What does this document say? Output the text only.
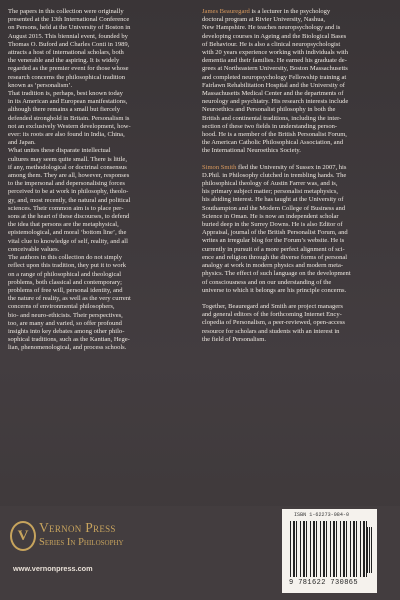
The papers in this collection were originally
presented at the 13th International Conference
on Persons, held at the University of Boston in
August 2015. This biennial event, founded by
Thomas O. Buford and Charles Conti in 1989,
attracts a host of international scholars, both
the venerable and the aspiring. It is widely
regarded as the premier event for those whose
research concerns the philosophical tradition
known as ‘personalism’.

That tradition is, perhaps, best known today
in its American and European manifestations,
although there remains a small but fiercely
defended stronghold in Britain. Personalism is
not an exclusively Western development, how-
ever: its roots are also found in India, China,
and Japan.

What unites these disparate intellectual
cultures may seem quite small. There is little,
if any, methodological or doctrinal consensus
among them. They are all, however, responses
to the impersonal and depersonalising forces
perceived to be at work in philosophy, theolo-
gy, and, most recently, the natural and political
sciences. Their common aim is to place per-
sons at the heart of these discourses, to defend
the idea that persons are the metaphysical,
epistemological, and moral ‘bottom line’, the
vital clue to knowledge of self, reality, and all
conceivable values.

The authors in this collection do not simply
reflect upon this tradition, they put it to work
on a range of philosophical and theological
problems, both classical and contemporary;
problems of free will, personal identity, and
the nature of reality, as well as the very current
concerns of environmental philosophers,
bio- and neuro-ethicists. Their perspectives,
too, are many and varied, so offer profound
insights into key debates among other philo-
sophical traditions, such as the Kantian, Hege-
lian, phenomenological, and process schools.

James Beauregard is a lecturer in the psychology
doctoral program at Rivier University, Nashua,
New Hampshire. He teaches neuropsychology and is
developing courses in Ageing and the Biological Bases
of Behaviour. He is also a clinical neuropsychologist
with 20 years experience working with individuals with
dementia and their families. He earned his graduate de-
grees at Northeastern University, Boston Massachusetts
and completed neuropsychology Fellowship training at
Fairlawn Rehabilitation Hospital and the University of
Massachusetts Medical Center and the departments of
neurology and psychiatry. His research interests include
Neuroethics and Personalist philosophy in both the
British and continental traditions, including the inter-
section of these two fields in understanding person-
hood. He is a member of the British Personalist Forum,
the American Catholic Philosophical Association, and
the International Neuroethics Society.

Simon Smith fled the University of Sussex in 2007, his
D.Phil. in Philosophy clutched in trembling hands. The
philosophical theology of Austin Farrer was, and is,
his primary subject matter; personalist metaphysics,
his abiding interest. He has taught at the University of
Southampton and the Modern College of Business and
Science in Oman. He is now an independent scholar
buried deep in the Surrey Downs. He is also Editor of
Appraisal, journal of the British Personalist Forum, and
writes an irregular blog for the Forum’s website. He is
currently in pursuit of a more perfect alignment of sci-
ence and religion through the diverse forms of personal
analogy at work in modern physics and modern meta-
physics. The effect of such language on the development
of consciousness and on our understanding of the
universe to which it belongs are his principle concerns.

Together, Beauregard and Smith are project managers
and general editors of the forthcoming Internet Ency-
clopedia of Personalism, a peer-reviewed, open-access
resource for scholars and students with an interest in
the field of Personalism.

V Vernon Press
Series In Philosophy
www.vernonpress.com
ISBN 1-62273-084-0
9 781622 730865
